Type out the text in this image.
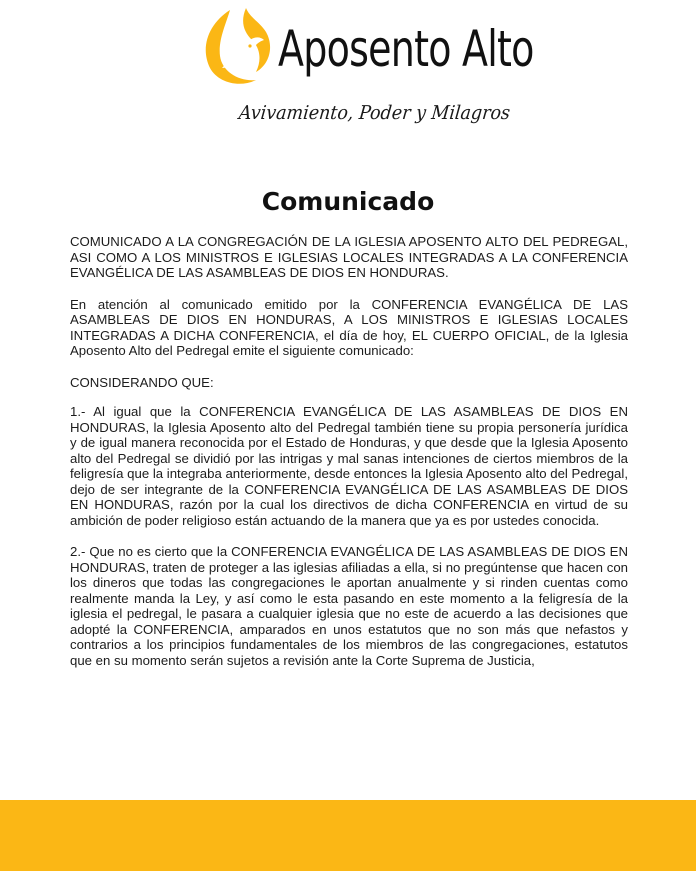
Aposento Alto
Avivamiento, Poder y Milagros
Comunicado

COMUNICADO A LA CONGREGACIÓN DE LA IGLESIA APOSENTO ALTO DEL PEDREGAL, ASI COMO A LOS MINISTROS E IGLESIAS LOCALES INTEGRADAS A LA CONFERENCIA EVANGÉLICA DE LAS ASAMBLEAS DE DIOS EN HONDURAS.

En atención al comunicado emitido por la CONFERENCIA EVANGÉLICA DE LAS ASAMBLEAS DE DIOS EN HONDURAS, A LOS MINISTROS E IGLESIAS LOCALES INTEGRADAS A DICHA CONFERENCIA, el día de hoy, EL CUERPO OFICIAL, de la Iglesia Aposento Alto del Pedregal emite el siguiente comunicado:

CONSIDERANDO QUE:

1.- Al igual que la CONFERENCIA EVANGÉLICA DE LAS ASAMBLEAS DE DIOS EN HONDURAS, la Iglesia Aposento alto del Pedregal también tiene su propia personería jurídica y de igual manera reconocida por el Estado de Honduras, y que desde que la Iglesia Aposento alto del Pedregal se dividió por las intrigas y mal sanas intenciones de ciertos miembros de la feligresía que la integraba anteriormente, desde entonces la Iglesia Aposento alto del Pedregal, dejo de ser integrante de la CONFERENCIA EVANGÉLICA DE LAS ASAMBLEAS DE DIOS EN HONDURAS, razón por la cual los directivos de dicha CONFERENCIA en virtud de su ambición de poder religioso están actuando de la manera que ya es por ustedes conocida.

2.- Que no es cierto que la CONFERENCIA EVANGÉLICA DE LAS ASAMBLEAS DE DIOS EN HONDURAS, traten de proteger a las iglesias afiliadas a ella, si no pregúntense que hacen con los dineros que todas las congregaciones le aportan anualmente y si rinden cuentas como realmente manda la Ley, y así como le esta pasando en este momento a la feligresía de la iglesia el pedregal, le pasara a cualquier iglesia que no este de acuerdo a las decisiones que adopté la CONFERENCIA, amparados en unos estatutos que no son más que nefastos y contrarios a los principios fundamentales de los miembros de las congregaciones, estatutos que en su momento serán sujetos a revisión ante la Corte Suprema de Justicia,
